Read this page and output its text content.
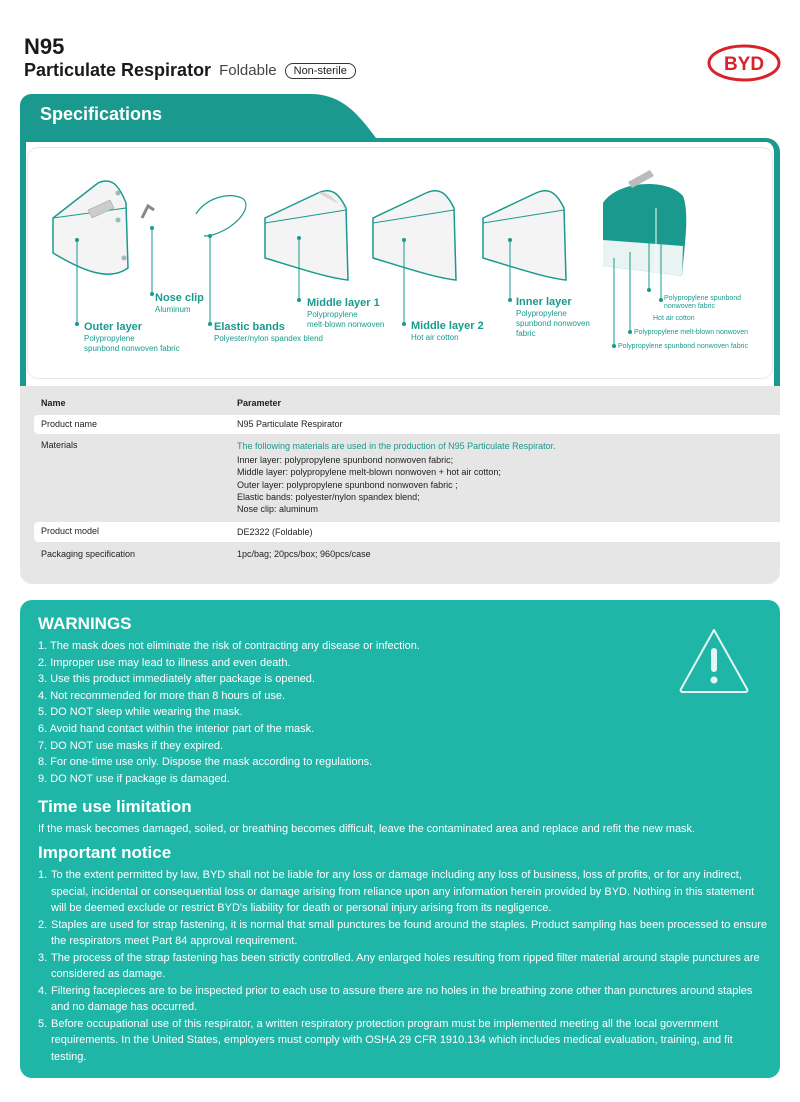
N95
Particulate Respirator Foldable	Non-sterile	BYD
Specifications
Outer layer
Polypropylene
spunbond nonwoven fabric
Nose clip
Aluminum
Elastic bands
Polyester/nylon spandex blend
Middle layer 1
Polypropylene
melt-blown nonwoven Middle layer 2
Hot air cotton
Inner layer
Polypropylene
spunbond nonwoven
fabric
Polypropylene spunbond
nonwoven fabric
Hot air cotton
Polypropylene melt-blown nonwoven
Polypropylene spunbond nonwoven fabric
Name	Parameter
Product name	N95 Particulate Respirator
Materials	The following materials are used in the production of N95 Particulate Respirator.
Inner layer: polypropylene spunbond nonwoven fabric;
Middle layer: polypropylene melt-blown nonwoven + hot air cotton;
Outer layer: polypropylene spunbond nonwoven fabric ;
Elastic bands: polyester/nylon spandex blend;
Nose clip: aluminum
Product model	DE2322 (Foldable)
Packaging specification	1pc/bag; 20pcs/box; 960pcs/case
WARNINGS
1. The mask does not eliminate the risk of contracting any disease or infection.
2. Improper use may lead to illness and even death.
3. Use this product immediately after package is opened.
4. Not recommended for more than 8 hours of use.
5. DO NOT sleep while wearing the mask.
6. Avoid hand contact within the interior part of the mask.
7. DO NOT use masks if they expired.
8. For one-time use only. Dispose the mask according to regulations.
9. DO NOT use if package is damaged.
Time use limitation
If the mask becomes damaged, soiled, or breathing becomes difficult, leave the contaminated area and replace and refit the new mask.
Important notice
1. To the extent permitted by law, BYD shall not be liable for any loss or damage including any loss of business, loss of profits, or for any indirect, special, incidental or consequential loss or damage arising from reliance upon any information herein provided by BYD. Nothing in this statement will be deemed exclude or restrict BYD's liability for death or personal injury arising from its negligence.
2. Staples are used for strap fastening, it is normal that small punctures be found around the staples. Product sampling has been processed to ensure the respirators meet Part 84 approval requirement.
3. The process of the strap fastening has been strictly controlled. Any enlarged holes resulting from ripped filter material around staple punctures are considered as damage.
4. Filtering facepieces are to be inspected prior to each use to assure there are no holes in the breathing zone other than punctures around staples and no damage has occurred.
5. Before occupational use of this respirator, a written respiratory protection program must be implemented meeting all the local government requirements. In the United States, employers must comply with OSHA 29 CFR 1910.134 which includes medical evaluation, training, and fit testing.
